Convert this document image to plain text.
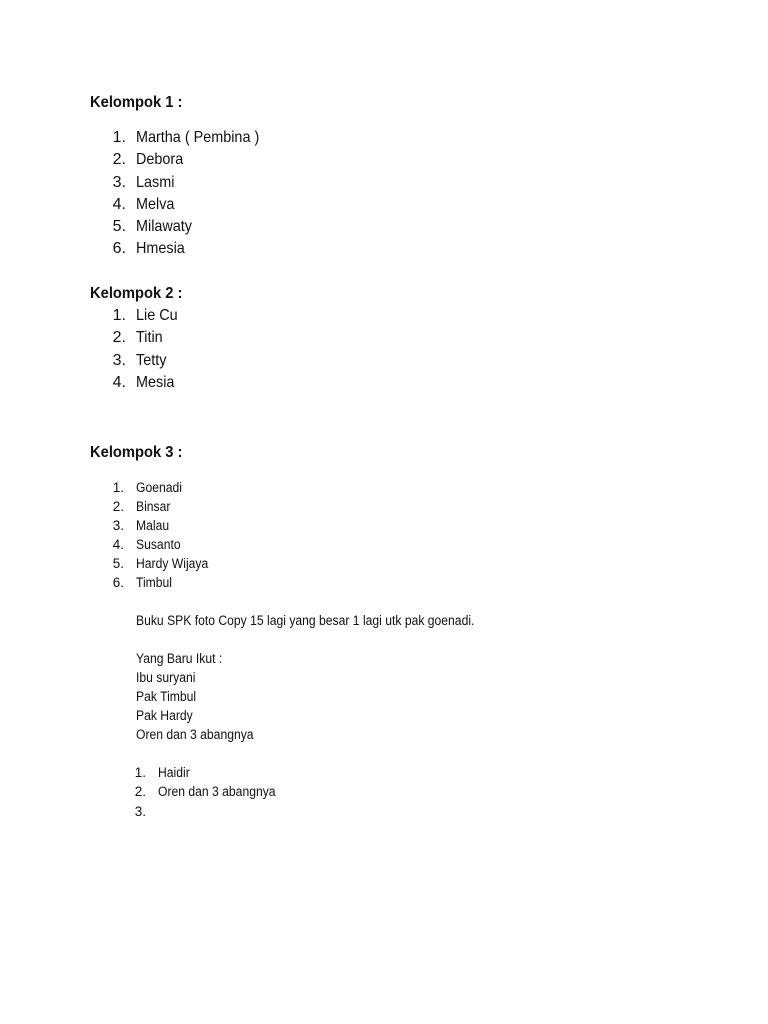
Kelompok 1 :
1. Martha ( Pembina )
2. Debora
3. Lasmi
4. Melva
5. Milawaty
6. Hmesia
Kelompok 2 :
1. Lie Cu
2. Titin
3. Tetty
4. Mesia
Kelompok 3 :
1. Goenadi
2. Binsar
3. Malau
4. Susanto
5. Hardy Wijaya
6. Timbul
Buku SPK foto Copy 15 lagi yang besar 1 lagi utk pak goenadi.
Yang Baru Ikut :
Ibu suryani
Pak Timbul
Pak Hardy
Oren dan 3 abangnya
1. Haidir
2. Oren dan 3 abangnya
3.
